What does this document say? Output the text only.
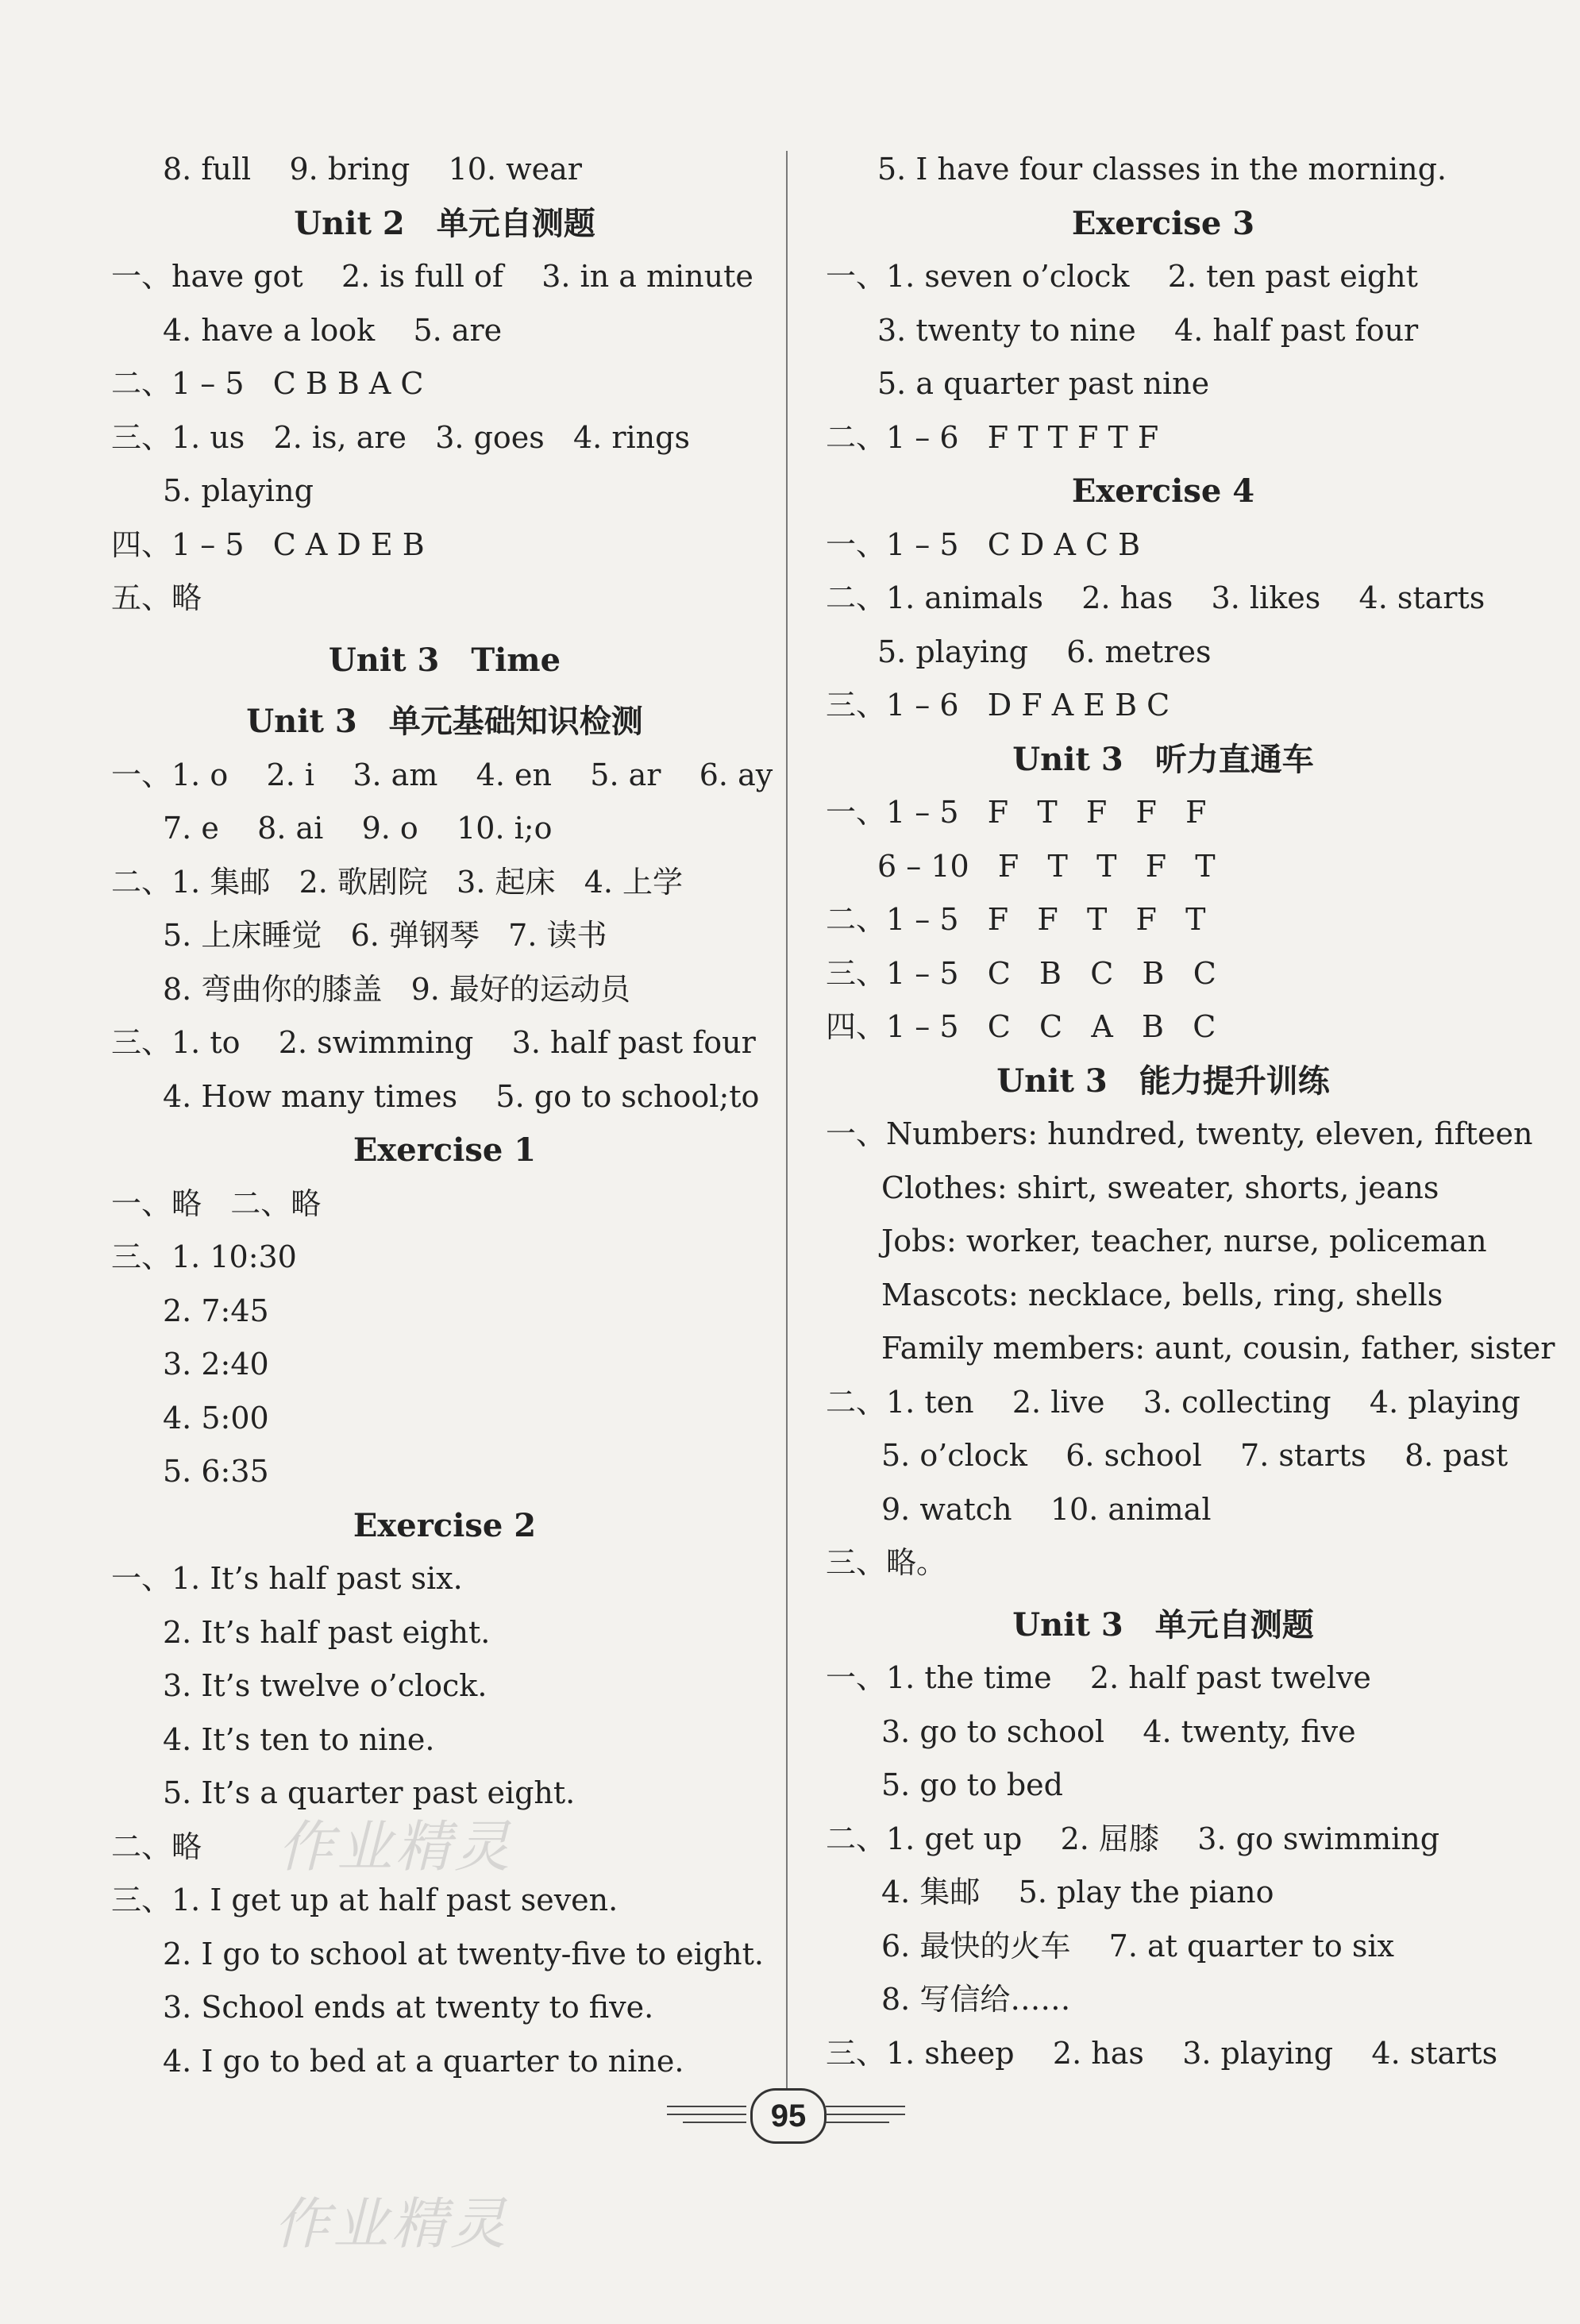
8. full    9. bring    10. wear
Unit 2 单元自测题
一、have got    2. is full of    3. in a minute
4. have a look    5. are
二、1 – 5   C B B A C
三、1. us   2. is, are   3. goes   4. rings
5. playing
四、1 – 5   C A D E B
五、略
Unit 3 Time
Unit 3 单元基础知识检测
一、1. o    2. i    3. am    4. en    5. ar    6. ay
7. e    8. ai    9. o    10. i;o
二、1. 集邮   2. 歌剧院   3. 起床   4. 上学
5. 上床睡觉   6. 弹钢琴   7. 读书
8. 弯曲你的膝盖   9. 最好的运动员
三、1. to    2. swimming    3. half past four
4. How many times    5. go to school;to
Exercise 1
一、略   二、略
三、1. 10:30
2. 7:45
3. 2:40
4. 5:00
5. 6:35
Exercise 2
一、1. It’s half past six.
2. It’s half past eight.
3. It’s twelve o’clock.
4. It’s ten to nine.
5. It’s a quarter past eight.
二、略
三、1. I get up at half past seven.
2. I go to school at twenty-five to eight.
3. School ends at twenty to five.
4. I go to bed at a quarter to nine.
5. I have four classes in the morning.
Exercise 3
一、1. seven o’clock    2. ten past eight
3. twenty to nine    4. half past four
5. a quarter past nine
二、1 – 6   F T T F T F
Exercise 4
一、1 – 5   C D A C B
二、1. animals    2. has    3. likes    4. starts
5. playing    6. metres
三、1 – 6   D F A E B C
Unit 3 听力直通车
一、1 – 5   F   T   F   F   F
6 – 10   F   T   T   F   T
二、1 – 5   F   F   T   F   T
三、1 – 5   C   B   C   B   C
四、1 – 5   C   C   A   B   C
Unit 3 能力提升训练
一、Numbers: hundred, twenty, eleven, fifteen
Clothes: shirt, sweater, shorts, jeans
Jobs: worker, teacher, nurse, policeman
Mascots: necklace, bells, ring, shells
Family members: aunt, cousin, father, sister
二、1. ten    2. live    3. collecting    4. playing
5. o’clock    6. school    7. starts    8. past
9. watch    10. animal
三、略。
Unit 3 单元自测题
一、1. the time    2. half past twelve
3. go to school    4. twenty, five
5. go to bed
二、1. get up    2. 屈膝    3. go swimming
4. 集邮    5. play the piano
6. 最快的火车    7. at quarter to six
8. 写信给……
三、1. sheep    2. has    3. playing    4. starts
作业精灵
作业精灵
95
